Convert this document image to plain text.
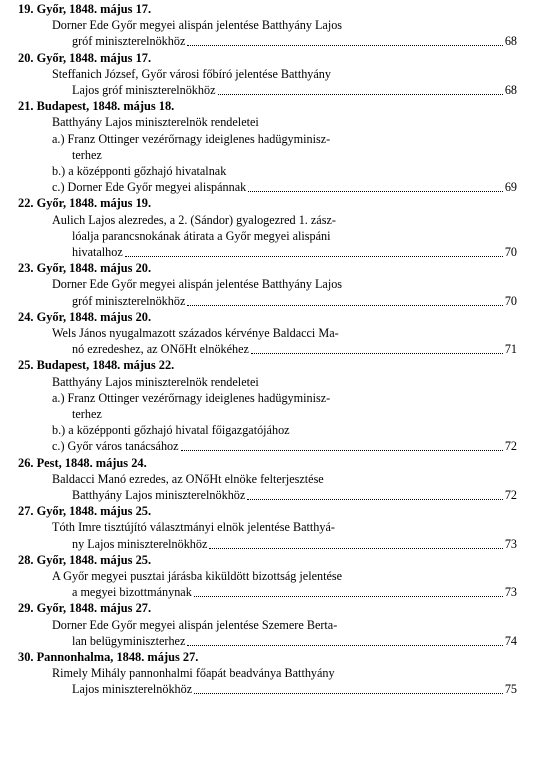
19. Győr, 1848. május 17.
Dorner Ede Győr megyei alispán jelentése Batthyány Lajos
gróf miniszterelnökhöz	68
20. Győr, 1848. május 17.
Steffanich József, Győr városi főbíró jelentése Batthyány
Lajos gróf miniszterelnökhöz	68
21. Budapest, 1848. május 18.
Batthyány Lajos miniszterelnök rendeletei
a.) Franz Ottinger vezérőrnagy ideiglenes hadügyminisz-
terhez
b.) a középponti gőzhajó hivatalnak
c.) Dorner Ede Győr megyei alispánnak	69
22. Győr, 1848. május 19.
Aulich Lajos alezredes, a 2. (Sándor) gyalogezred 1. zász-
lóalja parancsnokának átirata a Győr megyei alispáni
hivatalhoz	70
23. Győr, 1848. május 20.
Dorner Ede Győr megyei alispán jelentése Batthyány Lajos
gróf miniszterelnökhöz	70
24. Győr, 1848. május 20.
Wels János nyugalmazott százados kérvénye Baldacci Ma-
nó ezredeshez, az ONőHt elnökéhez	71
25. Budapest, 1848. május 22.
Batthyány Lajos miniszterelnök rendeletei
a.) Franz Ottinger vezérőrnagy ideiglenes hadügyminisz-
terhez
b.) a középponti gőzhajó hivatal főigazgatójához
c.) Győr város tanácsához	72
26. Pest, 1848. május 24.
Baldacci Manó ezredes, az ONőHt elnöke felterjesztése
Batthyány Lajos miniszterelnökhöz	72
27. Győr, 1848. május 25.
Tóth Imre tisztújító választmányi elnök jelentése Batthyá-
ny Lajos miniszterelnökhöz	73
28. Győr, 1848. május 25.
A Győr megyei pusztai járásba kiküldött bizottság jelentése
a megyei bizottmánynak	73
29. Győr, 1848. május 27.
Dorner Ede Győr megyei alispán jelentése Szemere Berta-
lan belügyminiszterhez	74
30. Pannonhalma, 1848. május 27.
Rimely Mihály pannonhalmi főapát beadványa Batthyány
Lajos miniszterelnökhöz	75
